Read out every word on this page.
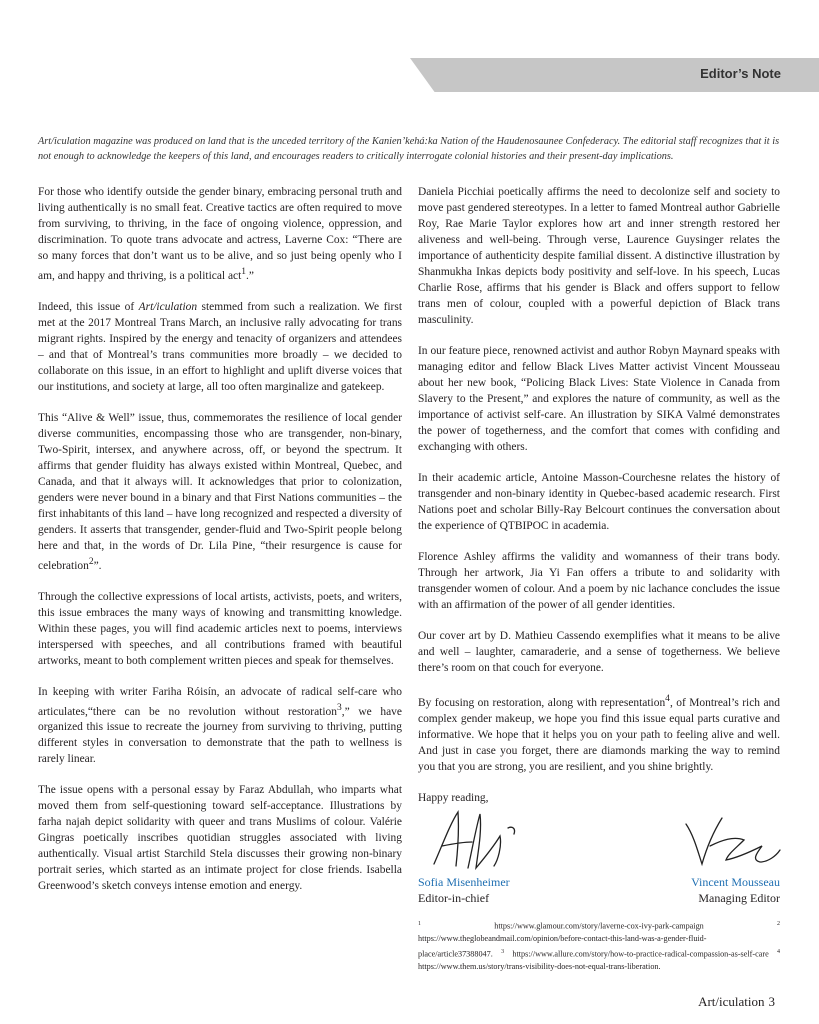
Editor’s Note
Art/iculation magazine was produced on land that is the unceded territory of the Kanien’kehá:ka Nation of the Haudenosaunee Confederacy. The editorial staff recognizes that it is not enough to acknowledge the keepers of this land, and encourages readers to critically interrogate colonial histories and their present-day implications.

For those who identify outside the gender binary, embracing personal truth and living authentically is no small feat. Creative tactics are often required to move from surviving, to thriving, in the face of ongoing violence, oppression, and discrimination. To quote trans advocate and actress, Laverne Cox: “There are so many forces that don’t want us to be alive, and so just being openly who I am, and happy and thriving, is a political act$^1$.”

Indeed, this issue of Art/iculation stemmed from such a realization. We first met at the 2017 Montreal Trans March, an inclusive rally advocating for trans migrant rights. Inspired by the energy and tenacity of organizers and attendees – and that of Montreal’s trans communities more broadly – we decided to collaborate on this issue, in an effort to highlight and uplift diverse voices that our institutions, and society at large, all too often marginalize and gatekeep.

This “Alive & Well” issue, thus, commemorates the resilience of local gender diverse communities, encompassing those who are transgender, non-binary, Two-Spirit, intersex, and anywhere across, off, or beyond the spectrum. It affirms that gender fluidity has always existed within Montreal, Quebec, and Canada, and that it always will. It acknowledges that prior to colonization, genders were never bound in a binary and that First Nations communities – the first inhabitants of this land – have long recognized and respected a diversity of genders. It asserts that transgender, gender-fluid and Two-Spirit people belong here and that, in the words of Dr. Lila Pine, “their resurgence is cause for celebration$^2$”.

Through the collective expressions of local artists, activists, poets, and writers, this issue embraces the many ways of knowing and transmitting knowledge. Within these pages, you will find academic articles next to poems, interviews interspersed with speeches, and all contributions framed with beautiful artworks, meant to both complement written pieces and speak for themselves.

In keeping with writer Fariha Róisín, an advocate of radical self-care who articulates,“there can be no revolution without restoration$^3$,” we have organized this issue to recreate the journey from surviving to thriving, putting different styles in conversation to demonstrate that the path to wellness is rarely linear.

The issue opens with a personal essay by Faraz Abdullah, who imparts what moved them from self-questioning toward self-acceptance. Illustrations by farha najah depict solidarity with queer and trans Muslims of colour. Valérie Gingras poetically inscribes quotidian struggles associated with living authentically. Visual artist Starchild Stela discusses their growing non-binary portrait series, which started as an intimate project for close friends. Isabella Greenwood’s sketch conveys intense emotion and energy.

Daniela Picchiai poetically affirms the need to decolonize self and society to move past gendered stereotypes. In a letter to famed Montreal author Gabrielle Roy, Rae Marie Taylor explores how art and inner strength restored her aliveness and well-being. Through verse, Laurence Guysinger relates the importance of authenticity despite familial dissent. A distinctive illustration by Shanmukha Inkas depicts body positivity and self-love. In his speech, Lucas Charlie Rose, affirms that his gender is Black and offers support to fellow trans men of colour, coupled with a powerful depiction of Black trans masculinity.

In our feature piece, renowned activist and author Robyn Maynard speaks with managing editor and fellow Black Lives Matter activist Vincent Mousseau about her new book, “Policing Black Lives: State Violence in Canada from Slavery to the Present,” and explores the nature of community, as well as the importance of activist self-care. An illustration by SIKA Valmé demonstrates the power of togetherness, and the comfort that comes with confiding and exchanging with others.

In their academic article, Antoine Masson-Courchesne relates the history of transgender and non-binary identity in Quebec-based academic research. First Nations poet and scholar Billy-Ray Belcourt continues the conversation about the experience of QTBIPOC in academia.

Florence Ashley affirms the validity and womanness of their trans body. Through her artwork, Jia Yi Fan offers a tribute to and solidarity with transgender women of colour. And a poem by nic lachance concludes the issue with an affirmation of the power of all gender identities.

Our cover art by D. Mathieu Cassendo exemplifies what it means to be alive and well – laughter, camaraderie, and a sense of togetherness. We believe there’s room on that couch for everyone.

By focusing on restoration, along with representation$^4$, of Montreal’s rich and complex gender makeup, we hope you find this issue equal parts curative and informative. We hope that it helps you on your path to feeling alive and well. And just in case you forget, there are diamonds marking the way to remind you that you are strong, you are resilient, and you shine brightly.

Happy reading,

Sofia Misenheimer	Vincent Mousseau
Editor-in-chief	Managing Editor
$^1$	https://www.glamour.com/story/laverne-cox-ivy-park-campaign	$^2$ https://www.theglobeandmail.com/opinion/before-contact-this-land-was-a-gender-fluid-place/article37388047. $^3$ https://www.allure.com/story/how-to-practice-radical-compassion-as-self-care $^4$ https://www.them.us/story/trans-visibility-does-not-equal-trans-liberation.
Art/iculation 3
